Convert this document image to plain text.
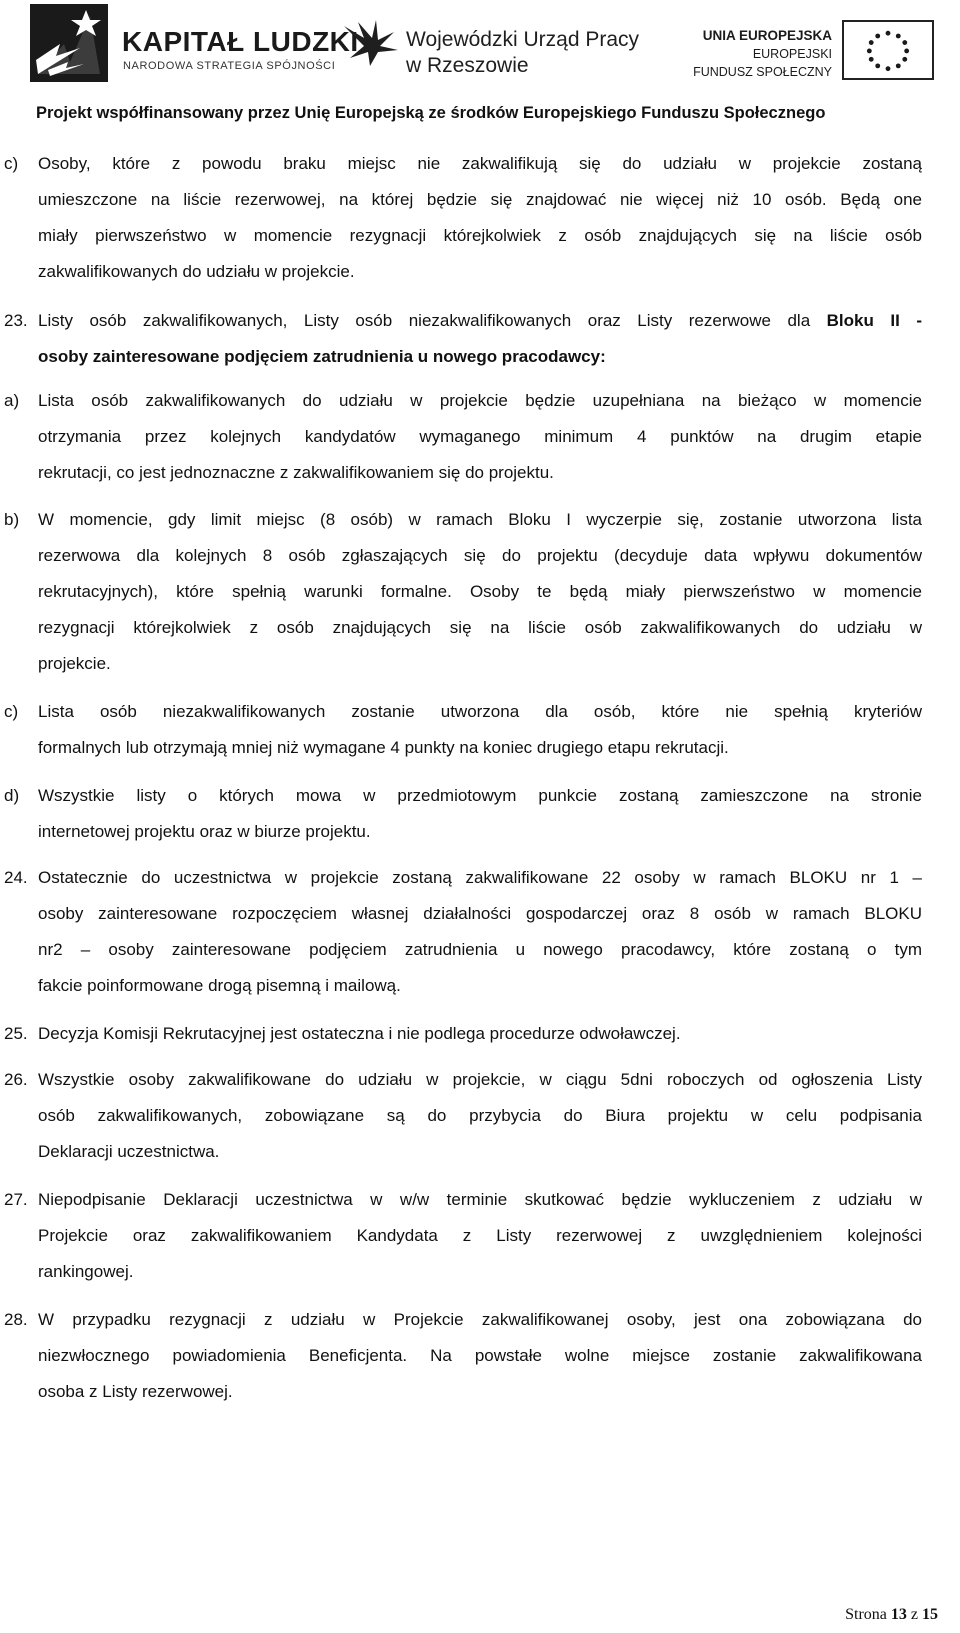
KAPITAŁ LUDZKI
NARODOWA STRATEGIA SPÓJNOŚCI
Wojewódzki Urząd Pracy
w Rzeszowie
UNIA EUROPEJSKA
EUROPEJSKI
FUNDUSZ SPOŁECZNY
Projekt współfinansowany przez Unię Europejską ze środków Europejskiego Funduszu Społecznego
c)	Osoby, które z powodu braku miejsc nie zakwalifikują się do udziału w projekcie zostaną
umieszczone na liście rezerwowej, na której będzie się znajdować nie więcej niż 10 osób. Będą one
miały pierwszeństwo w momencie rezygnacji którejkolwiek z osób znajdujących się na liście osób
zakwalifikowanych do udziału w projekcie.
23. Listy osób zakwalifikowanych, Listy osób niezakwalifikowanych oraz Listy rezerwowe dla Bloku II -
osoby zainteresowane podjęciem zatrudnienia u nowego pracodawcy:
a)	Lista osób zakwalifikowanych do udziału w projekcie będzie uzupełniana na bieżąco w momencie
otrzymania przez kolejnych kandydatów wymaganego minimum 4 punktów na drugim etapie
rekrutacji, co jest jednoznaczne z zakwalifikowaniem się do projektu.
b)	W momencie, gdy limit miejsc (8 osób) w ramach Bloku I wyczerpie się, zostanie utworzona lista
rezerwowa dla kolejnych 8 osób zgłaszających się do projektu (decyduje data wpływu dokumentów
rekrutacyjnych), które spełnią warunki formalne. Osoby te będą miały pierwszeństwo w momencie
rezygnacji którejkolwiek z osób znajdujących się na liście osób zakwalifikowanych do udziału w
projekcie.
c)	Lista osób niezakwalifikowanych zostanie utworzona dla osób, które nie spełnią kryteriów
formalnych lub otrzymają mniej niż wymagane 4 punkty na koniec drugiego etapu rekrutacji.
d)	Wszystkie listy o których mowa w przedmiotowym punkcie zostaną zamieszczone na stronie
internetowej projektu oraz w biurze projektu.
24. Ostatecznie do uczestnictwa w projekcie zostaną zakwalifikowane 22 osoby w ramach BLOKU nr 1 –
osoby zainteresowane rozpoczęciem własnej działalności gospodarczej oraz 8 osób w ramach BLOKU
nr2 – osoby zainteresowane podjęciem zatrudnienia u nowego pracodawcy, które zostaną o tym
fakcie poinformowane drogą pisemną i mailową.
25. Decyzja Komisji Rekrutacyjnej jest ostateczna i nie podlega procedurze odwoławczej.
26. Wszystkie osoby zakwalifikowane do udziału w projekcie, w ciągu 5dni roboczych od ogłoszenia Listy
osób zakwalifikowanych, zobowiązane są do przybycia do Biura projektu w celu podpisania
Deklaracji uczestnictwa.
27. Niepodpisanie Deklaracji uczestnictwa w w/w terminie skutkować będzie wykluczeniem z udziału w
Projekcie oraz zakwalifikowaniem Kandydata z Listy rezerwowej z uwzględnieniem kolejności
rankingowej.
28. W przypadku rezygnacji z udziału w Projekcie zakwalifikowanej osoby, jest ona zobowiązana do
niezwłocznego powiadomienia Beneficjenta. Na powstałe wolne miejsce zostanie zakwalifikowana
osoba z Listy rezerwowej.
Strona 13 z 15
